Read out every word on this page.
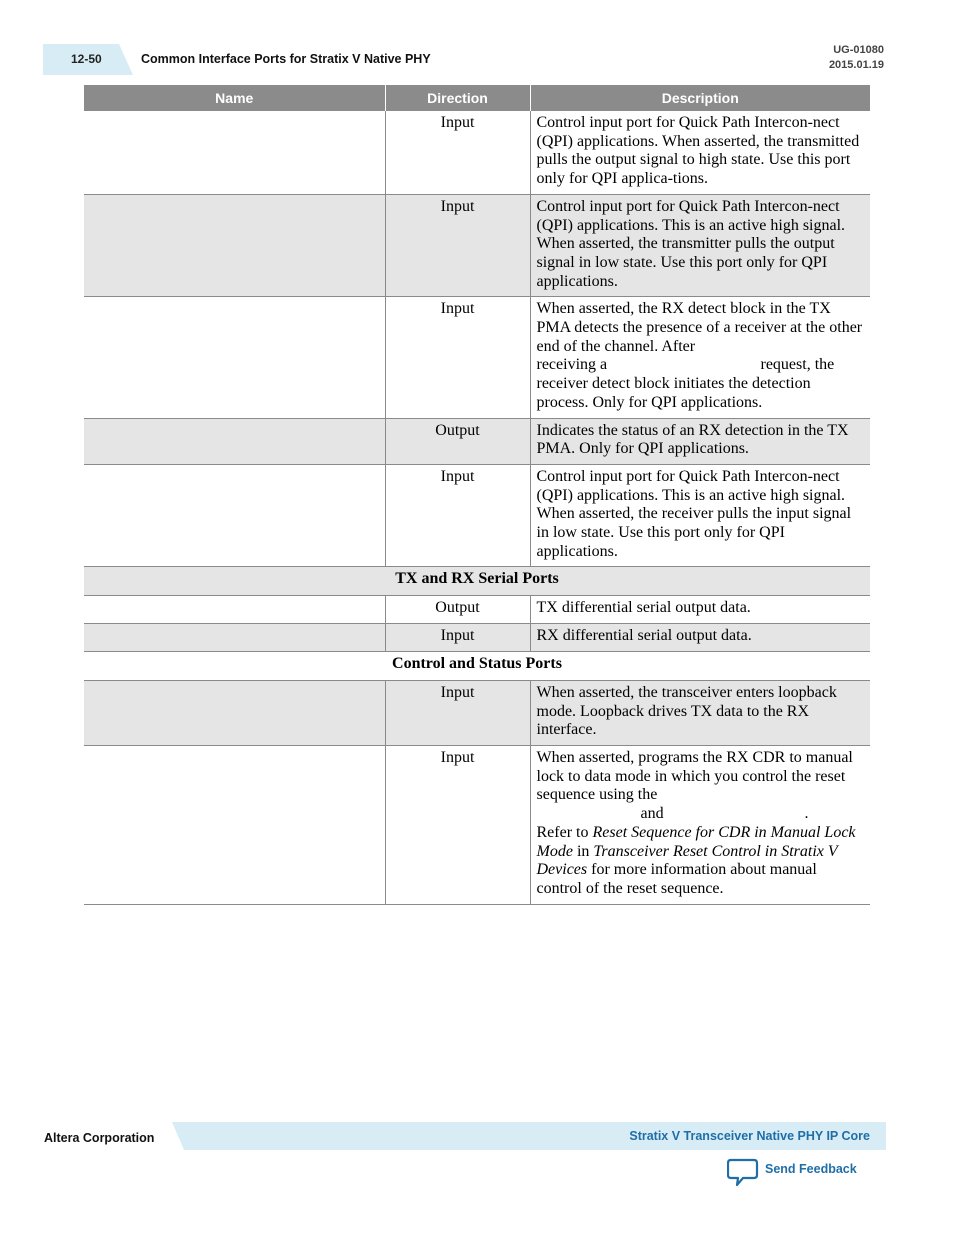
12-50	Common Interface Ports for Stratix V Native PHY
UG-01080
2015.01.19
Name	Direction	Description
	Input	Control input port for Quick Path Intercon-nect (QPI) applications. When asserted, the transmitted pulls the output signal to high state. Use this port only for QPI applica-tions.
	Input	Control input port for Quick Path Intercon-nect (QPI) applications. This is an active high signal. When asserted, the transmitter pulls the output signal in low state. Use this port only for QPI applications.
	Input	When asserted, the RX detect block in the TX PMA detects the presence of a receiver at the other end of the channel. After
receiving a request, the
receiver detect block initiates the detection process. Only for QPI applications.
	Output	Indicates the status of an RX detection in the TX PMA. Only for QPI applications.
	Input	Control input port for Quick Path Intercon-nect (QPI) applications. This is an active high signal. When asserted, the receiver pulls the input signal in low state. Use this port only for QPI applications.
TX and RX Serial Ports		
	Output	TX differential serial output data.
	Input	RX differential serial output data.
Control and Status Ports		
	Input	When asserted, the transceiver enters loopback mode. Loopback drives TX data to the RX interface.
	Input	When asserted, programs the RX CDR to manual lock to data mode in which you control the reset sequence using the
and .

Refer to Reset Sequence for CDR in Manual Lock Mode in Transceiver Reset Control in Stratix V Devices for more information about manual control of the reset sequence.

Altera Corporation	Stratix V Transceiver Native PHY IP Core
Send Feedback
